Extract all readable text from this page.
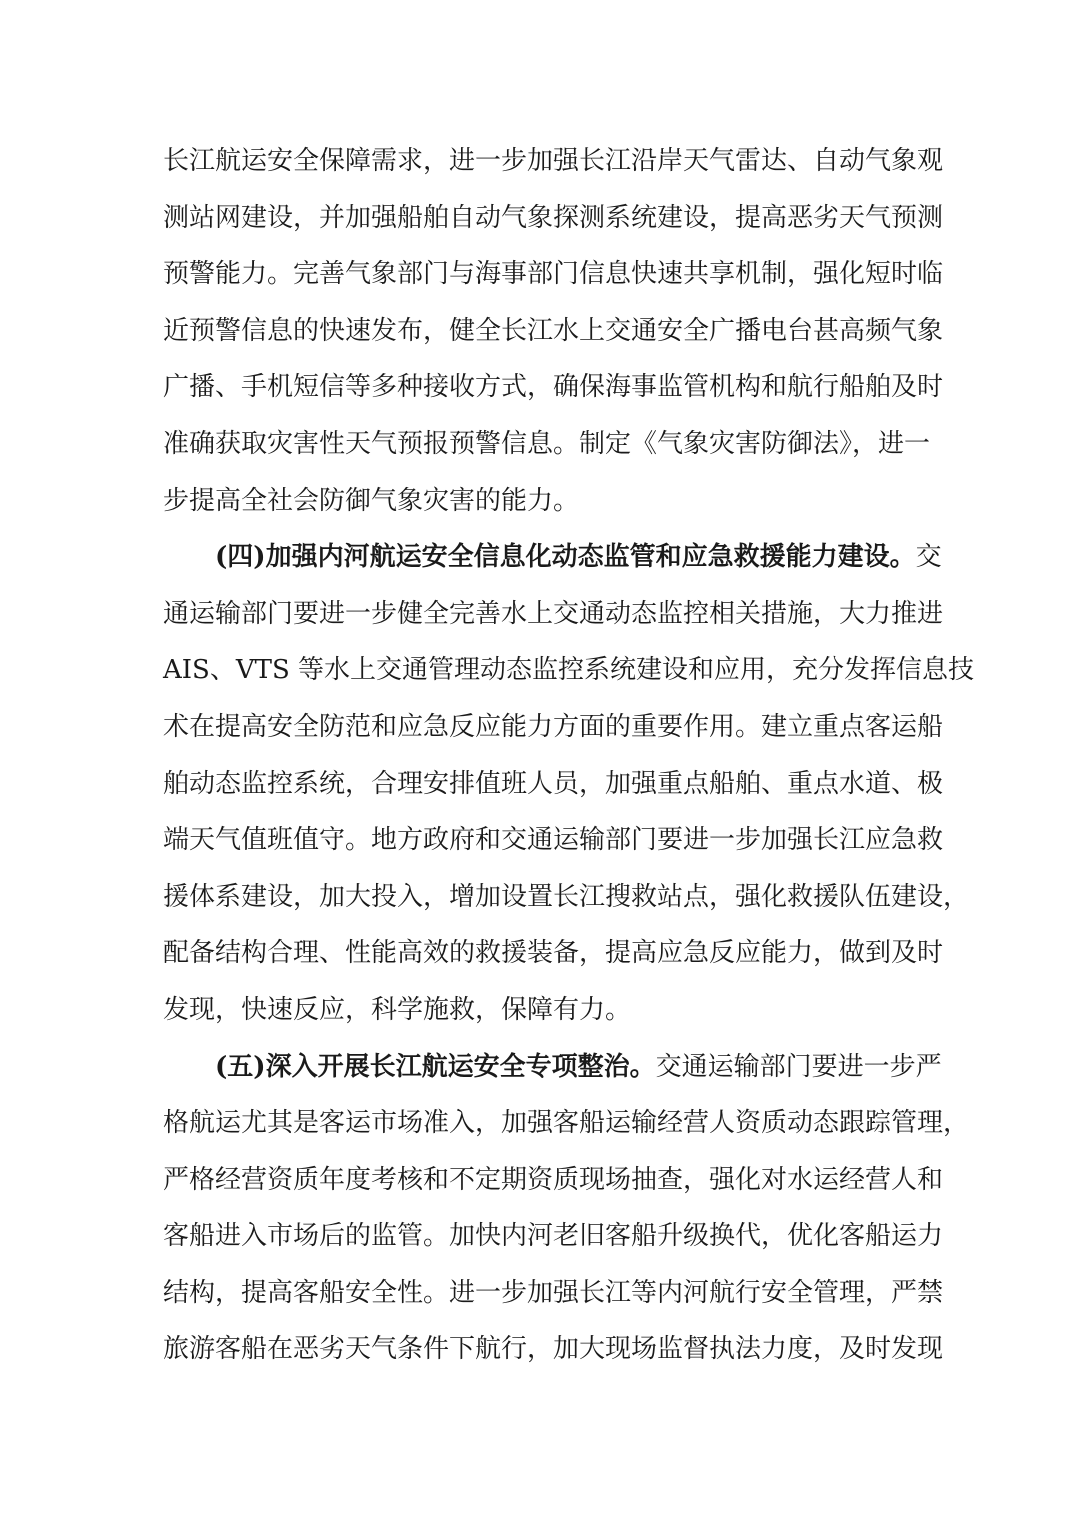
长江航运安全保障需求，进一步加强长江沿岸天气雷达、自动气象观
测站网建设，并加强船舶自动气象探测系统建设，提高恶劣天气预测
预警能力。完善气象部门与海事部门信息快速共享机制，强化短时临
近预警信息的快速发布，健全长江水上交通安全广播电台甚高频气象
广播、手机短信等多种接收方式，确保海事监管机构和航行船舶及时
准确获取灾害性天气预报预警信息。制定《气象灾害防御法》，进一
步提高全社会防御气象灾害的能力。
(四)加强内河航运安全信息化动态监管和应急救援能力建设。交
通运输部门要进一步健全完善水上交通动态监控相关措施，大力推进
AIS、VTS 等水上交通管理动态监控系统建设和应用，充分发挥信息技
术在提高安全防范和应急反应能力方面的重要作用。建立重点客运船
舶动态监控系统，合理安排值班人员，加强重点船舶、重点水道、极
端天气值班值守。地方政府和交通运输部门要进一步加强长江应急救
援体系建设，加大投入，增加设置长江搜救站点，强化救援队伍建设，
配备结构合理、性能高效的救援装备，提高应急反应能力，做到及时
发现，快速反应，科学施救，保障有力。
(五)深入开展长江航运安全专项整治。交通运输部门要进一步严
格航运尤其是客运市场准入，加强客船运输经营人资质动态跟踪管理，
严格经营资质年度考核和不定期资质现场抽查，强化对水运经营人和
客船进入市场后的监管。加快内河老旧客船升级换代，优化客船运力
结构，提高客船安全性。进一步加强长江等内河航行安全管理，严禁
旅游客船在恶劣天气条件下航行，加大现场监督执法力度，及时发现
